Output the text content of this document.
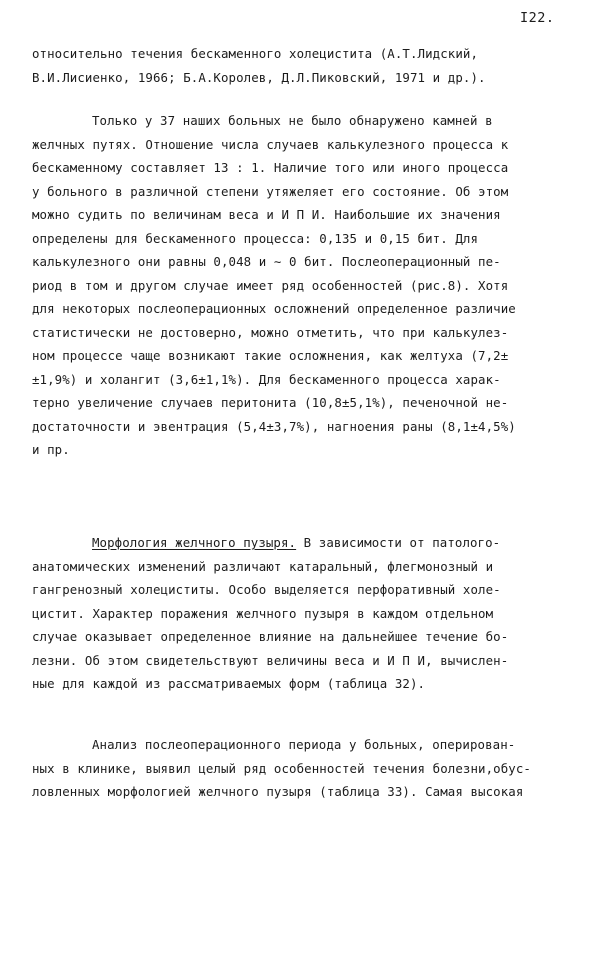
I22.
относительно течения бескаменного холецистита (А.Т.Лидский,
В.И.Лисиенко, 1966; Б.А.Королев, Д.Л.Пиковский, 1971 и др.).
Только у 37 наших больных не было обнаружено камней в
желчных путях. Отношение числа случаев калькулезного процесса к
бескаменному составляет 13 : 1. Наличие того или иного процесса
у больного в различной степени утяжеляет его состояние. Об этом
можно судить по величинам веса и И П И. Наибольшие их значения
определены для бескаменного процесса: 0,135 и 0,15 бит. Для
калькулезного они равны 0,048 и ∼ 0 бит. Послеоперационный пе-
риод в том и другом случае имеет ряд особенностей (рис.8). Хотя
для некоторых послеоперационных осложнений определенное различие
статистически не достоверно, можно отметить, что при калькулез-
ном процессе чаще возникают такие осложнения, как желтуха (7,2±
±1,9%) и холангит (3,6±1,1%). Для бескаменного процесса харак-
терно увеличение случаев перитонита (10,8±5,1%), печеночной не-
достаточности и эвентрация (5,4±3,7%), нагноения раны (8,1±4,5%)
и пр.
Морфология желчного пузыря. В зависимости от патолого-
анатомических изменений различают катаральный, флегмонозный и
гангренозный холециститы. Особо выделяется перфоративный холе-
цистит. Характер поражения желчного пузыря в каждом отдельном
случае оказывает определенное влияние на дальнейшее течение бо-
лезни. Об этом свидетельствуют величины веса и И П И, вычислен-
ные для каждой из рассматриваемых форм (таблица 32).
Анализ послеоперационного периода у больных, оперирован-
ных в клинике, выявил целый ряд особенностей течения болезни,обус-
ловленных морфологией желчного пузыря (таблица 33). Самая высокая
